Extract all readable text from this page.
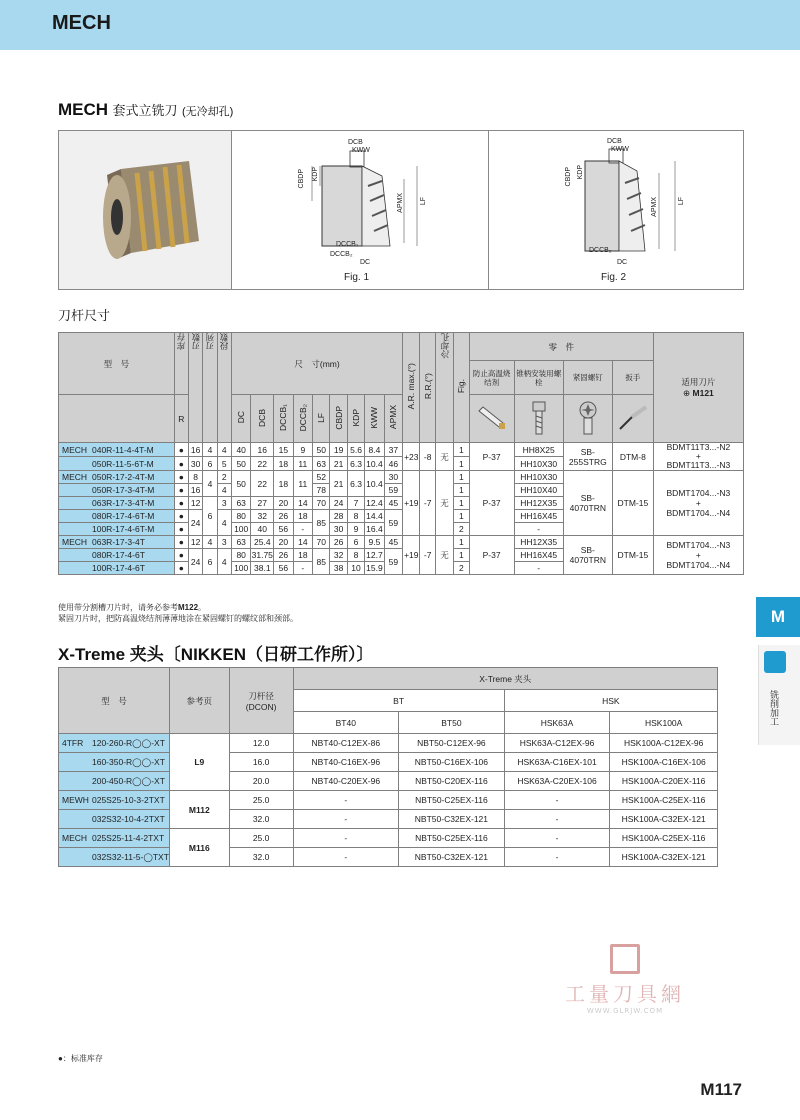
MECH
MECH 套式立铣刀 (无冷却孔)
Fig. 1
DCB
KWW
CBDP KDP
APMX LF
DCCB₁
DCCB₂
DC
Fig. 2
DCB
KWW
CBDP KDP
APMX	LF
DCCB₂
DC
刀杆尺寸
型　号	库存	刃数	刃列	段数	尺　寸(mm)									A.R. max.(°)	R.R.(°)	冷却孔	Fig.	零　件				适用刀片
⊕ M121

																		防止高温烧结剂	锥柄安装用螺栓	紧固螺钉	扳手	
	R				DC	DCB	DCCB₁	DCCB₂	LF	CBDP	KDP	KWW	APMX				
MECH 040R-11-4-4T-M	●	16	4	4	40	16	15	9	50	19	5.6	8.4	37	+23	-8	无	1	P-37	HH8X25	SB-255STRG	DTM-8	BDMT11T3...-N2
+
BDMT11T3...-N3

050R-11-5-6T-M	●	30	6	5	50	22	18	11	63	21	6.3	10.4	46				1		HH10X30			
MECH 050R-17-2-4T-M	●	8	4	2	50	22	18	11	52	21	6.3	10.4	30	+19	-7	无	1	P-37	HH10X30	SB-4070TRN	DTM-15	BDMT1704...-N3
+
BDMT1704...-N4

050R-17-3-4T-M	●	16		4					78				59				1		HH10X40			
063R-17-3-4T-M	●	12	6	3	63	27	20	14	70	24	7	12.4	45				1		HH12X35			
080R-17-4-6T-M	●	24		4	80	32	26	18	85	28	8	14.4	59				1		HH16X45			
100R-17-4-6T-M	●				100	40	56	-		30	9	16.4					2		-			
MECH 063R-17-3-4T	●	12	4	3	63	25.4	20	14	70	26	6	9.5	45	+19	-7	无	1	P-37	HH12X35	SB-4070TRN	DTM-15	BDMT1704...-N3
+
BDMT1704...-N4

080R-17-4-6T	●	24	6	4	80	31.75	26	18	85	32	8	12.7	59				1		HH16X45			
100R-17-4-6T	●				100	38.1	56	-		38	10	15.9					2		-			
使用带分割槽刀片时，请务必参考M122。
紧固刀片时，把防高温烧结剂薄薄地涂在紧固螺钉的螺纹部和颈部。
X-Treme 夹头〔NIKKEN（日研工作所）〕
型　号	参考页	刀杆径
(DCON)	X-Treme 夹头			
			BT		HSK	
			BT40	BT50	HSK63A	HSK100A
4TFR 120-260-R◯◯-XT	L9	12.0	NBT40-C12EX-86	NBT50-C12EX-96	HSK63A-C12EX-96	HSK100A-C12EX-96
160-350-R◯◯-XT		16.0	NBT40-C16EX-96	NBT50-C16EX-106	HSK63A-C16EX-101	HSK100A-C16EX-106
200-450-R◯◯-XT		20.0	NBT40-C20EX-96	NBT50-C20EX-116	HSK63A-C20EX-106	HSK100A-C20EX-116
MEWH 025S25-10-3-2TXT	M112	25.0	-	NBT50-C25EX-116	-	HSK100A-C25EX-116
032S32-10-4-2TXT		32.0	-	NBT50-C32EX-121	-	HSK100A-C32EX-121
MECH 025S25-11-4-2TXT	M116	25.0	-	NBT50-C25EX-116	-	HSK100A-C25EX-116
032S32-11-5-◯TXT		32.0	-	NBT50-C32EX-121	-	HSK100A-C32EX-121
M
铣削加工
工量刀具網
WWW.GLRJW.COM
●：标准库存
M117
